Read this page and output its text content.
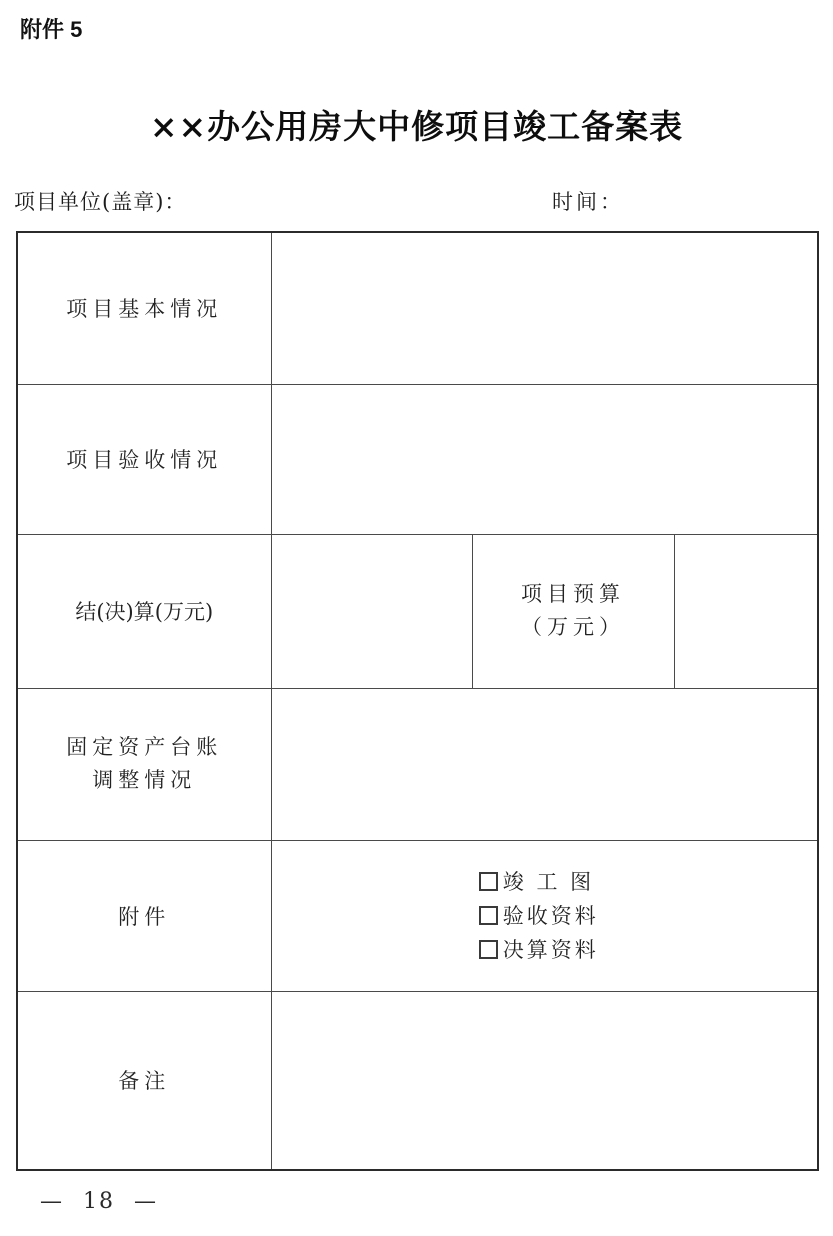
附件 5
××办公用房大中修项目竣工备案表
项目单位(盖章)：	时间：
项目基本情况			
项目验收情况			
结(决)算(万元)		项目预算
（万元）	

固定资产台账
调整情况			

附件	竣 工 图
验收资料
决算资料		

备注			
— 18 —
